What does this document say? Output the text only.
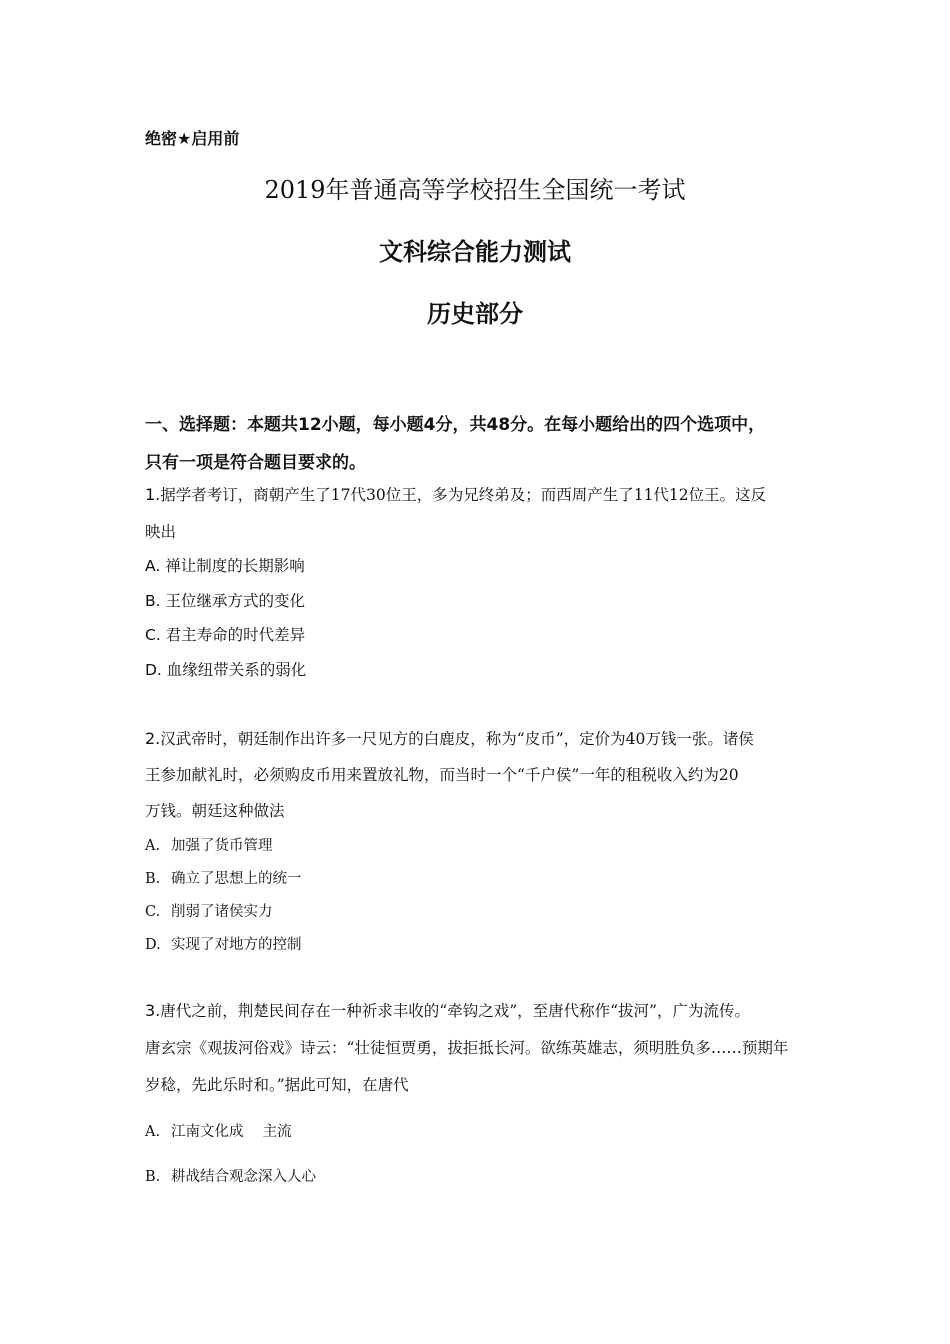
绝密★启用前
2019年普通高等学校招生全国统一考试
文科综合能力测试
历史部分
一、选择题：本题共12小题，每小题4分，共48分。在每小题给出的四个选项中，
只有一项是符合题目要求的。
1.据学者考订，商朝产生了17代30位王，多为兄终弟及；而西周产生了11代12位王。这反
映出
A. 禅让制度的长期影响
B. 王位继承方式的变化
C. 君主寿命的时代差异
D. 血缘纽带关系的弱化
2.汉武帝时，朝廷制作出许多一尺见方的白鹿皮，称为“皮币”，定价为40万钱一张。诸侯
王参加献礼时，必须购皮币用来置放礼物，而当时一个“千户侯”一年的租税收入约为20
万钱。朝廷这种做法
A. 加强了货币管理
B. 确立了思想上的统一
C. 削弱了诸侯实力
D. 实现了对地方的控制
3.唐代之前，荆楚民间存在一种祈求丰收的“牵钩之戏”，至唐代称作“拔河”，广为流传。
唐玄宗《观拔河俗戏》诗云：“壮徒恒贾勇，拔拒抵长河。欲练英雄志，须明胜负多……预期年
岁稔，先此乐时和。”据此可知，在唐代
A. 江南文化成　 主流
B. 耕战结合观念深入人心
